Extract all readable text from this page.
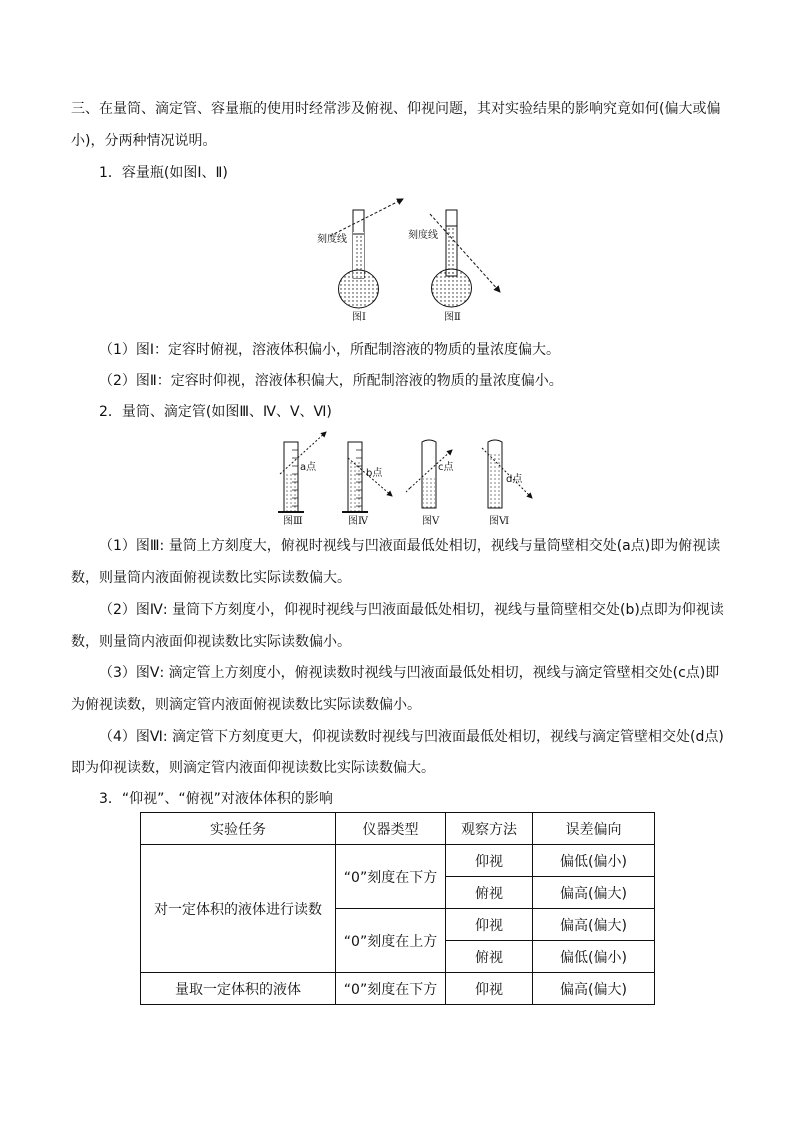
三、在量筒、滴定管、容量瓶的使用时经常涉及俯视、仰视问题，其对实验结果的影响究竟如何(偏大或偏
小)，分两种情况说明。
1．容量瓶(如图Ⅰ、Ⅱ)
刻度线
图Ⅰ
刻度线
图Ⅱ
（1）图Ⅰ：定容时俯视，溶液体积偏小，所配制溶液的物质的量浓度偏大。
（2）图Ⅱ：定容时仰视，溶液体积偏大，所配制溶液的物质的量浓度偏小。
2．量筒、滴定管(如图Ⅲ、Ⅳ、Ⅴ、Ⅵ)
a点
图Ⅲ
b点
图Ⅳ
c点
图Ⅴ
d点
图Ⅵ
（1）图Ⅲ: 量筒上方刻度大，俯视时视线与凹液面最低处相切，视线与量筒壁相交处(a点)即为俯视读
数，则量筒内液面俯视读数比实际读数偏大。
（2）图Ⅳ: 量筒下方刻度小，仰视时视线与凹液面最低处相切，视线与量筒壁相交处(b)点即为仰视读
数，则量筒内液面仰视读数比实际读数偏小。
（3）图Ⅴ: 滴定管上方刻度小，俯视读数时视线与凹液面最低处相切，视线与滴定管壁相交处(c点)即
为俯视读数，则滴定管内液面俯视读数比实际读数偏小。
（4）图Ⅵ: 滴定管下方刻度更大，仰视读数时视线与凹液面最低处相切，视线与滴定管壁相交处(d点)
即为仰视读数，则滴定管内液面仰视读数比实际读数偏大。
3．“仰视”、“俯视”对液体体积的影响
实验任务	仪器类型	观察方法	误差偏向
对一定体积的液体进行读数	“0”刻度在下方	仰视	偏低(偏小)
		俯视	偏高(偏大)
	“0”刻度在上方	仰视	偏高(偏大)
		俯视	偏低(偏小)
量取一定体积的液体	“0”刻度在下方	仰视	偏高(偏大)
